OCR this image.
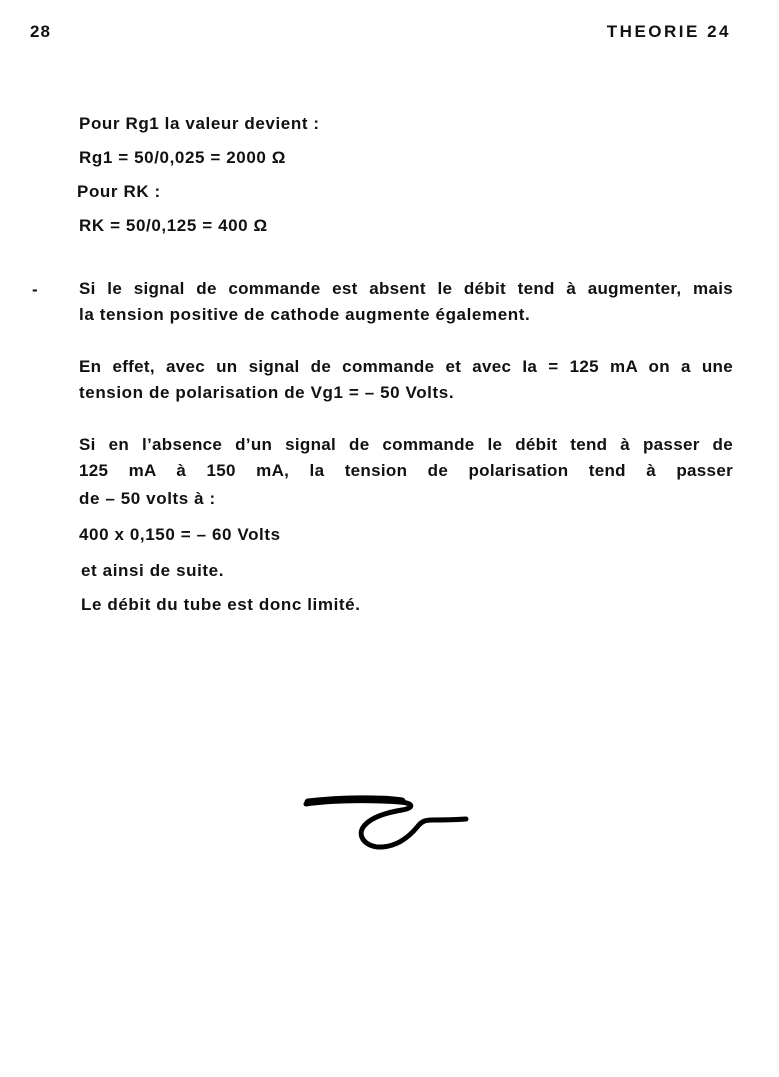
28	THEORIE 24
Pour Rg1 la valeur devient :
Rg1 = 50/0,025 = 2000 Ω
Pour RK :
RK = 50/0,125 = 400 Ω
- Si le signal de commande est absent le débit tend à augmenter, mais
la tension positive de cathode augmente également.
En effet, avec un signal de commande et avec Ia = 125 mA on a une
tension de polarisation de Vg1 = – 50 Volts.
Si en l’absence d’un signal de commande le débit tend à passer de
125 mA à 150 mA, la tension de polarisation tend à passer
de – 50 volts à :
400 x 0,150 = – 60 Volts
et ainsi de suite.
Le débit du tube est donc limité.
